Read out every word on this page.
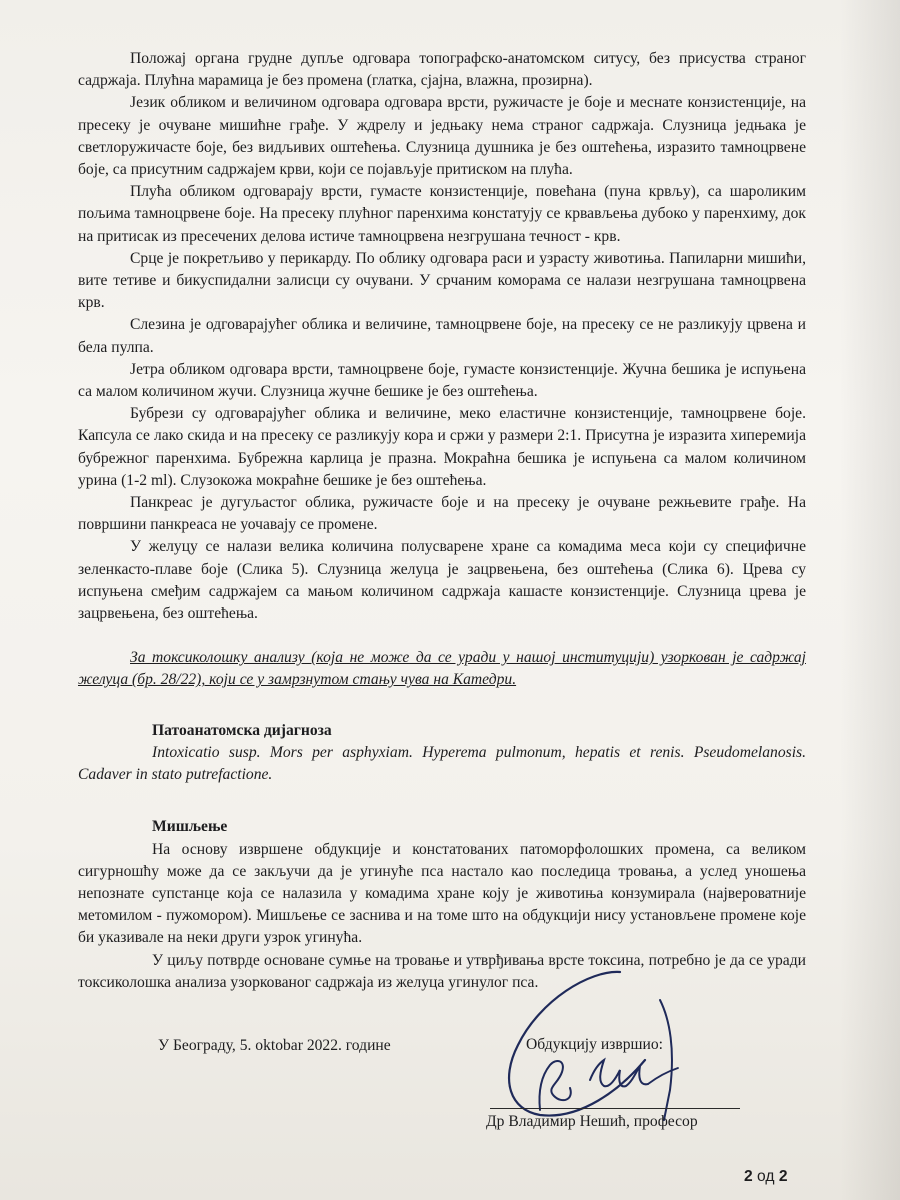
Положај органа грудне дупље одговара топографско-анатомском ситусу, без присуства страног садржаја. Плућна марамица је без промена (глатка, сјајна, влажна, прозирна).

Језик обликом и величином одговара одговара врсти, ружичасте је боје и меснате конзистенције, на пресеку је очуване мишићне грађе. У ждрелу и једњаку нема страног садржаја. Слузница једњака је светлоружичасте боје, без видљивих оштећења. Слузница душника је без оштећења, изразито тамноцрвене боје, са присутним садржајем крви, који се појављује притиском на плућа.

Плућа обликом одговарају врсти, гумасте конзистенције, повећана (пуна крвљу), са шароликим пољима тамноцрвене боје. На пресеку плућног паренхима констатују се крвављења дубоко у паренхиму, док на притисак из пресечених делова истиче тамноцрвена незгрушана течност - крв.

Срце је покретљиво у перикарду. По облику одговара раси и узрасту животиња. Папиларни мишићи, вите тетиве и бикуспидални залисци су очувани. У срчаним коморама се налази незгрушана тамноцрвена крв.

Слезина је одговарајућег облика и величине, тамноцрвене боје, на пресеку се не разликују црвена и бела пулпа.

Јетра обликом одговара врсти, тамноцрвене боје, гумасте конзистенције. Жучна бешика је испуњена са малом количином жучи. Слузница жучне бешике је без оштећења.

Бубрези су одговарајућег облика и величине, меко еластичне конзистенције, тамноцрвене боје. Капсула се лако скида и на пресеку се разликују кора и сржи у размери 2:1. Присутна је изразита хиперемија бубрежног паренхима. Бубрежна карлица је празна. Мокраћна бешика је испуњена са малом количином урина (1-2 ml). Слузокожа мокраћне бешике је без оштећења.

Панкреас је дугуљастог облика, ружичасте боје и на пресеку је очуване режњевите грађе. На површини панкреаса не уочавају се промене.

У желуцу се налази велика количина полусварене хране са комадима меса који су специфичне зеленкасто-плаве боје (Слика 5). Слузница желуца је зацрвењена, без оштећења (Слика 6). Црева су испуњена смеђим садржајем са мањом количином садржаја кашасте конзистенције. Слузница црева је зацрвењена, без оштећења.

За токсиколошку анализу (која не може да се уради у нашој институцији) узоркован је садржај желуца (бр. 28/22), који се у замрзнутом стању чува на Катедри.

Патоанатомска дијагноза

Intoxicatio susp. Mors per asphyxiam. Hyperema pulmonum, hepatis et renis. Pseudomelanosis. Cadaver in stato putrefactione.

Мишљење

На основу извршене обдукције и констатованих патоморфолошких промена, са великом сигурношћу може да се закључи да је угинуће пса настало као последица тровања, а услед уношења непознате супстанце која се налазила у комадима хране коју је животиња конзумирала (највероватније метомилом - пужомором). Мишљење се заснива и на томе што на обдукцији нису установљене промене које би указивале на неки други узрок угинућа.

У циљу потврде основане сумње на тровање и утврђивања врсте токсина, потребно је да се уради токсиколошка анализа узоркованог садржаја из желуца угинулог пса.

У Београду, 5. oktobar 2022. године	Обдукцију извршио:
Др Владимир Нешић, професор
2 од 2
